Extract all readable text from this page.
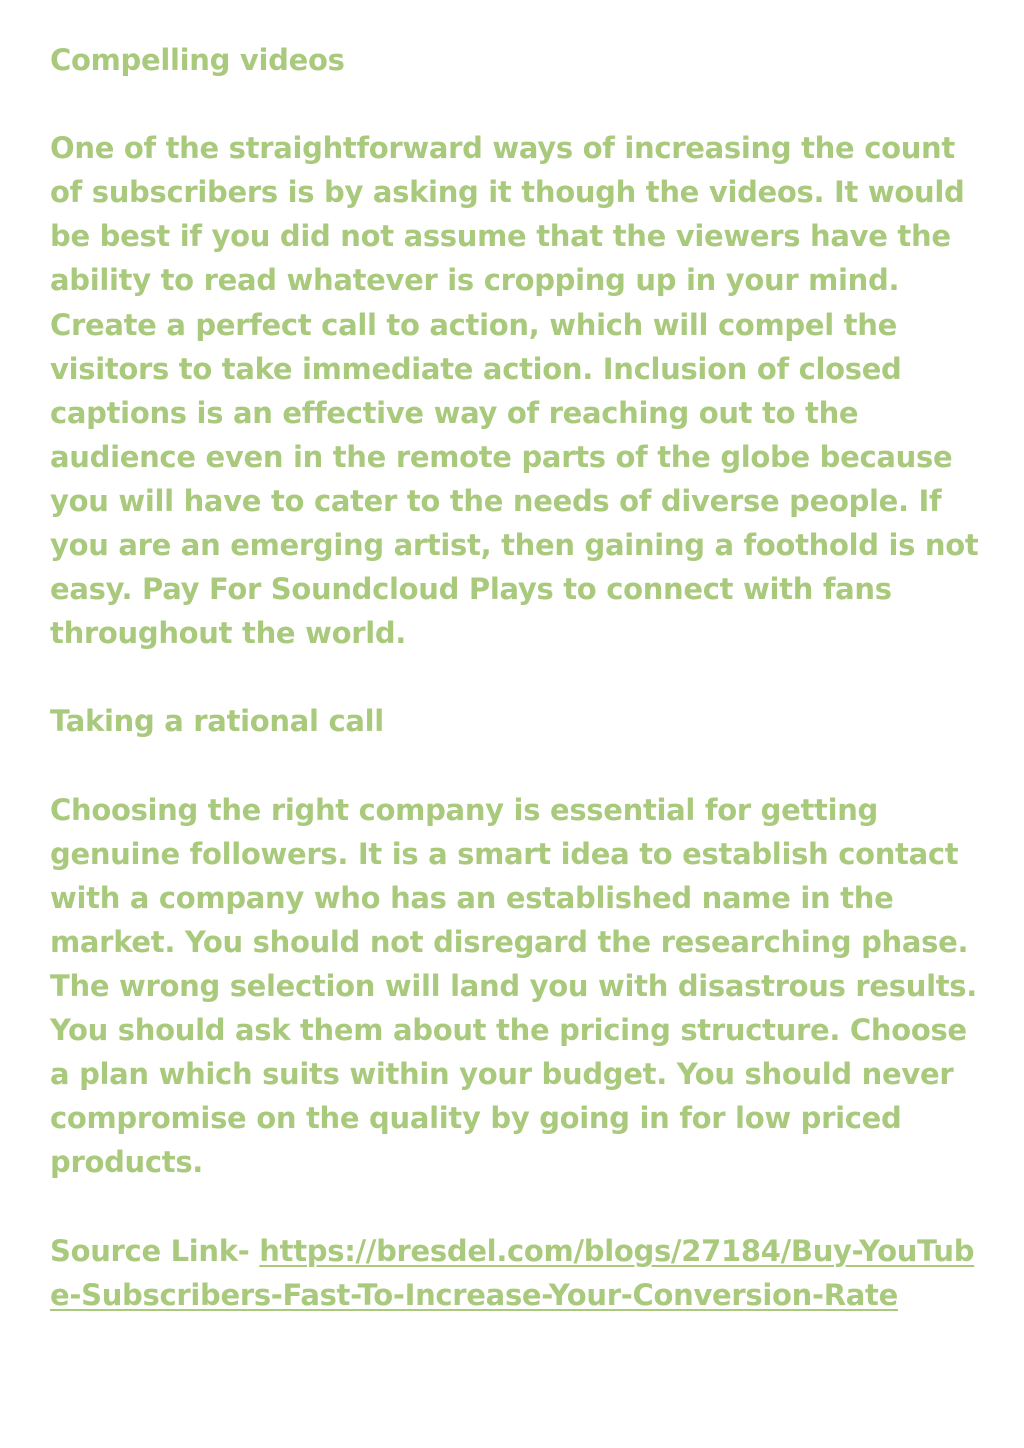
Compelling videos

One of the straightforward ways of increasing the count
of subscribers is by asking it though the videos. It would
be best if you did not assume that the viewers have the
ability to read whatever is cropping up in your mind.
Create a perfect call to action, which will compel the
visitors to take immediate action. Inclusion of closed
captions is an effective way of reaching out to the
audience even in the remote parts of the globe because
you will have to cater to the needs of diverse people. If
you are an emerging artist, then gaining a foothold is not
easy. Pay For Soundcloud Plays to connect with fans
throughout the world.

Taking a rational call

Choosing the right company is essential for getting
genuine followers. It is a smart idea to establish contact
with a company who has an established name in the
market. You should not disregard the researching phase.
The wrong selection will land you with disastrous results.
You should ask them about the pricing structure. Choose
a plan which suits within your budget. You should never
compromise on the quality by going in for low priced
products.

Source Link- https://bresdel.com/blogs/27184/Buy-YouTube-Subscribers-Fast-To-Increase-Your-Conversion-Rate
